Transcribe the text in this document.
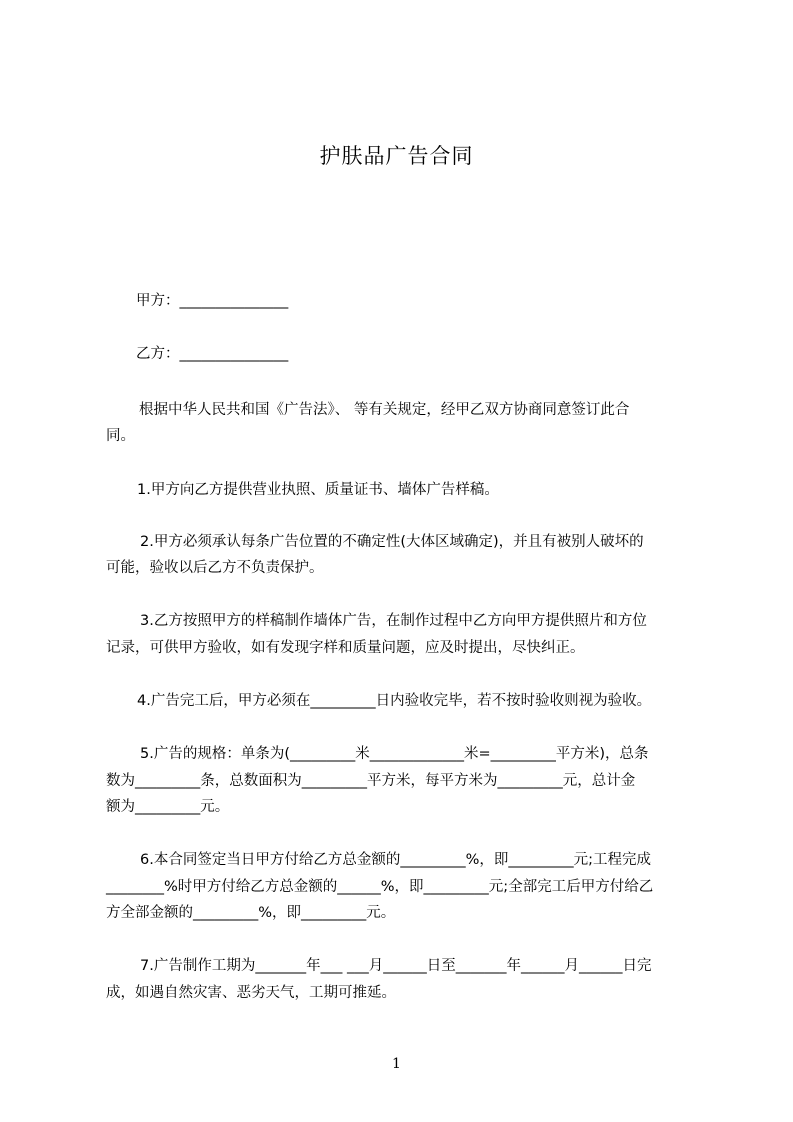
护肤品广告合同
甲方：_______________
乙方：_______________
根据中华人民共和国《广告法》、 等有关规定，经甲乙双方协商同意签订此合
同。
1.甲方向乙方提供营业执照、质量证书、墙体广告样稿。
2.甲方必须承认每条广告位置的不确定性(大体区域确定)，并且有被别人破坏的
可能，验收以后乙方不负责保护。
3.乙方按照甲方的样稿制作墙体广告，在制作过程中乙方向甲方提供照片和方位
记录，可供甲方验收，如有发现字样和质量问题，应及时提出，尽快纠正。
4.广告完工后，甲方必须在_________日内验收完毕，若不按时验收则视为验收。
5.广告的规格：单条为(_________米_____________米=_________平方米)，总条
数为_________条，总数面积为_________平方米，每平方米为_________元，总计金
额为_________元。
6.本合同签定当日甲方付给乙方总金额的_________%，即_________元;工程完成
________%时甲方付给乙方总金额的______%，即_________元;全部完工后甲方付给乙
方全部金额的_________%，即_________元。
7.广告制作工期为_______年___ ___月______日至_______年______月______日完
成，如遇自然灾害、恶劣天气，工期可推延。
1
